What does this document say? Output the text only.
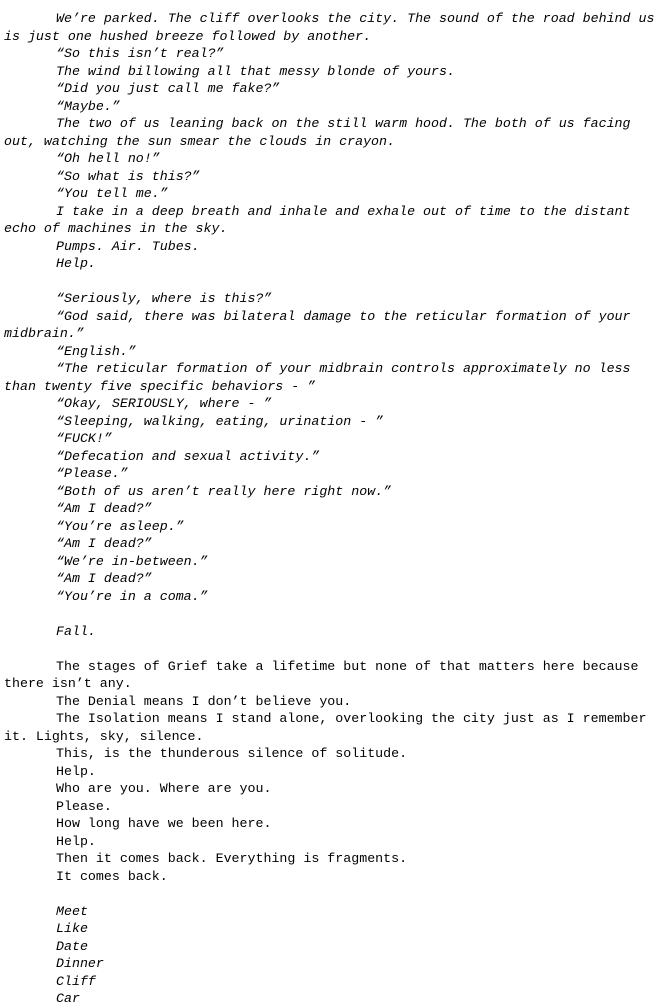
We’re parked. The cliff overlooks the city. The sound of the road behind us is just one hushed breeze followed by another.

“So this isn’t real?”

The wind billowing all that messy blonde of yours.

“Did you just call me fake?”

“Maybe.”

The two of us leaning back on the still warm hood. The both of us facing out, watching the sun smear the clouds in crayon.

“Oh hell no!”

“So what is this?”

“You tell me.”

I take in a deep breath and inhale and exhale out of time to the distant echo of machines in the sky.

Pumps. Air. Tubes.

Help.

“Seriously, where is this?”

“God said, there was bilateral damage to the reticular formation of your midbrain.”

“English.”

“The reticular formation of your midbrain controls approximately no less than twenty five specific behaviors - ”

“Okay, SERIOUSLY, where - ”

“Sleeping, walking, eating, urination - ”

“FUCK!”

“Defecation and sexual activity.”

“Please.”

“Both of us aren’t really here right now.”

“Am I dead?”

“You’re asleep.”

“Am I dead?”

“We’re in-between.”

“Am I dead?”

“You’re in a coma.”

Fall.

The stages of Grief take a lifetime but none of that matters here because there isn’t any.

The Denial means I don’t believe you.

The Isolation means I stand alone, overlooking the city just as I remember it. Lights, sky, silence.

This, is the thunderous silence of solitude.

Help.

Who are you. Where are you.

Please.

How long have we been here.

Help.

Then it comes back. Everything is fragments.

It comes back.

Meet

Like

Date

Dinner

Cliff

Car
